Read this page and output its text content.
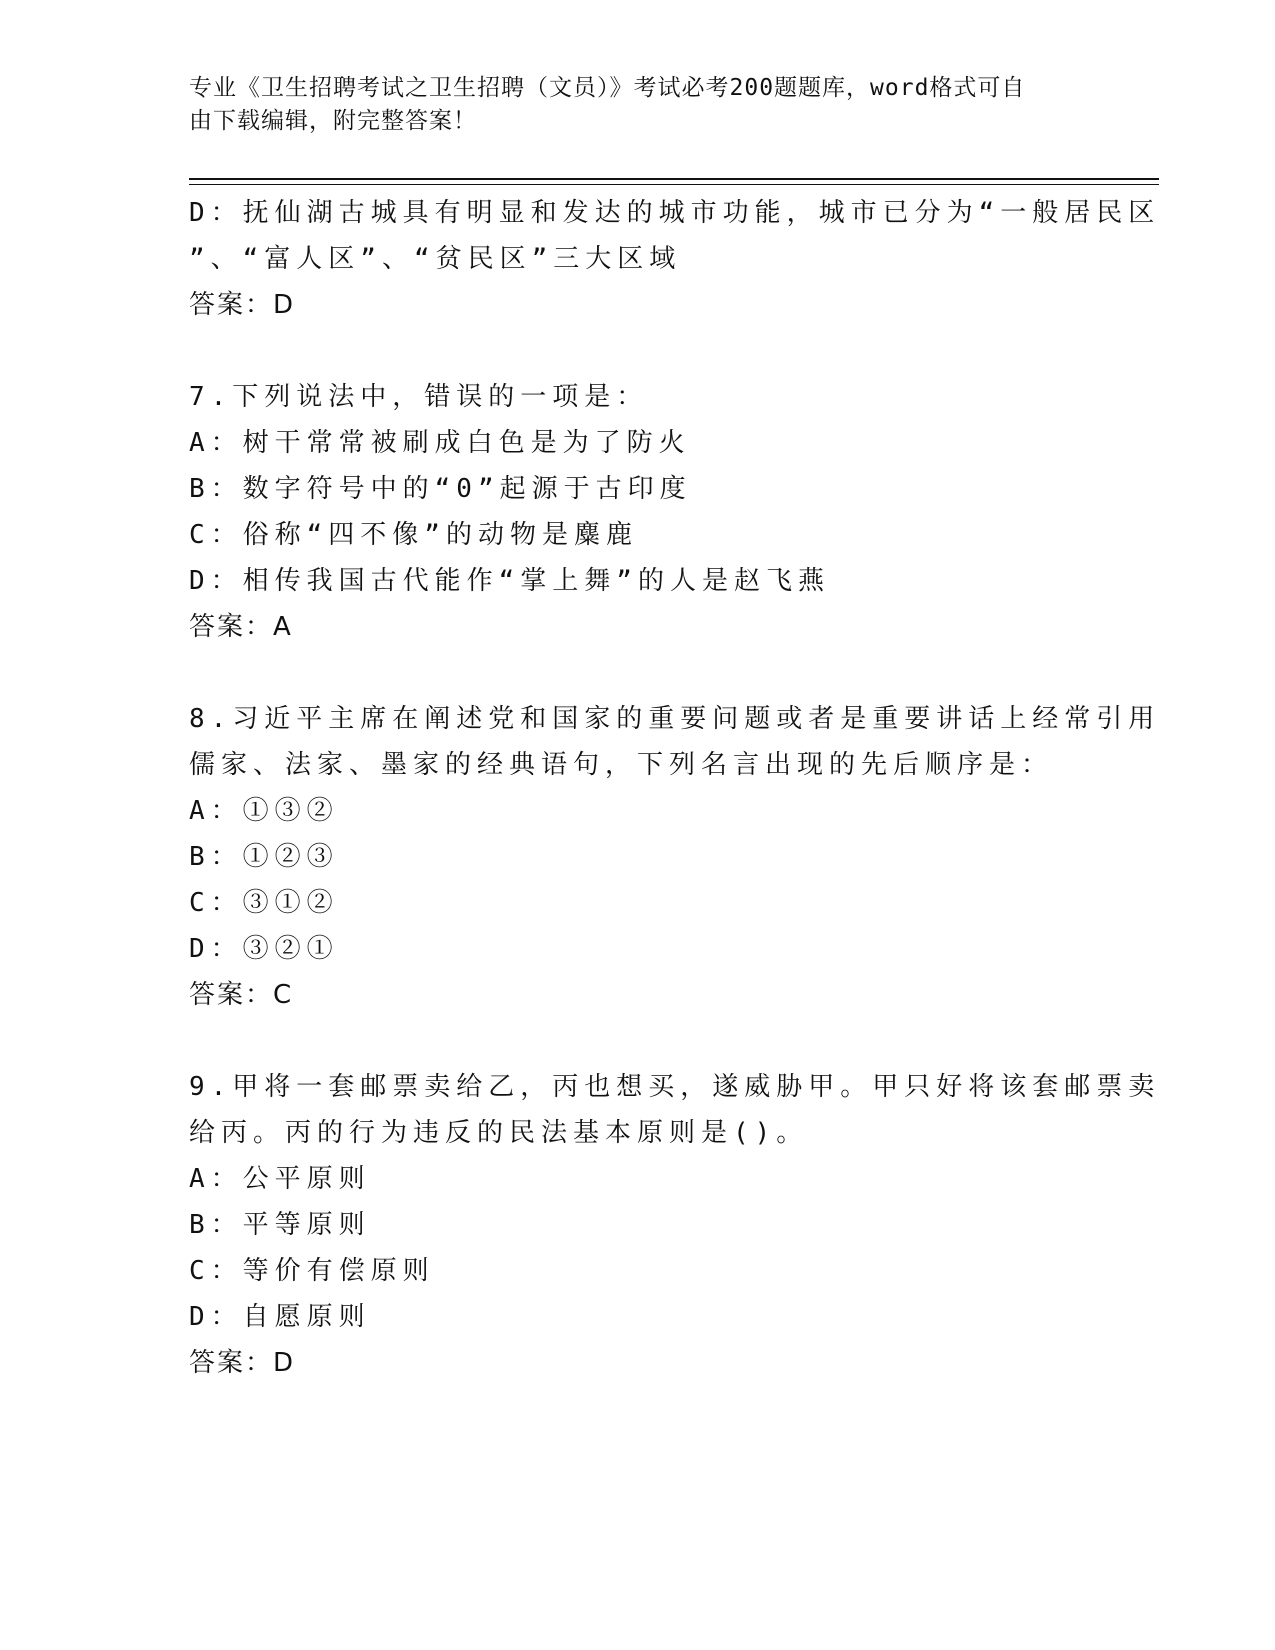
专业《卫生招聘考试之卫生招聘（文员）》考试必考200题题库，word格式可自
由下载编辑，附完整答案！
D：抚仙湖古城具有明显和发达的城市功能，城市已分为“一般居民区
”、“富人区”、“贫民区”三大区域
答案：D
7.下列说法中，错误的一项是：
A：树干常常被刷成白色是为了防火
B：数字符号中的“0”起源于古印度
C：俗称“四不像”的动物是麋鹿
D：相传我国古代能作“掌上舞”的人是赵飞燕
答案：A
8.习近平主席在阐述党和国家的重要问题或者是重要讲话上经常引用
儒家、法家、墨家的经典语句，下列名言出现的先后顺序是：
A：①③②
B：①②③
C：③①②
D：③②①
答案：C
9.甲将一套邮票卖给乙，丙也想买，遂威胁甲。甲只好将该套邮票卖
给丙。丙的行为违反的民法基本原则是()。
A：公平原则
B：平等原则
C：等价有偿原则
D：自愿原则
答案：D
